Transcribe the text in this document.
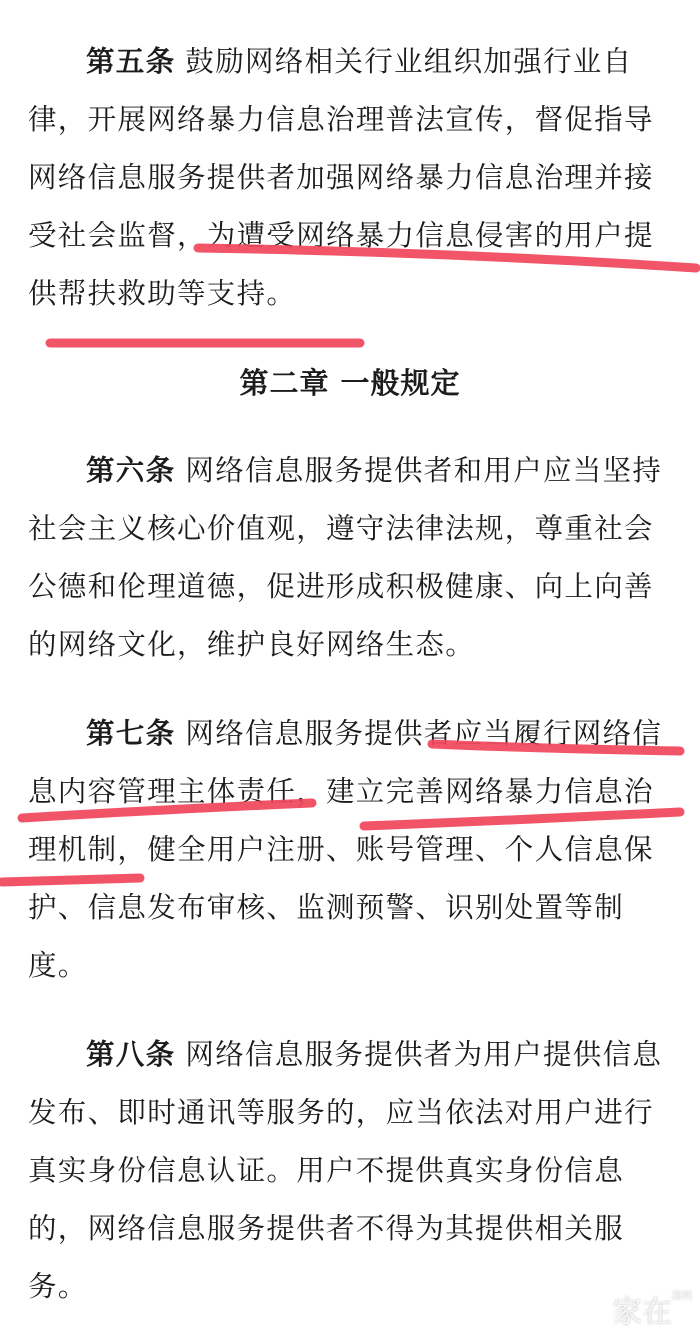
第五条 鼓励网络相关行业组织加强行业自
律，开展网络暴力信息治理普法宣传，督促指导
网络信息服务提供者加强网络暴力信息治理并接
受社会监督，为遭受网络暴力信息侵害的用户提
供帮扶救助等支持。
第二章 一般规定
第六条 网络信息服务提供者和用户应当坚持
社会主义核心价值观，遵守法律法规，尊重社会
公德和伦理道德，促进形成积极健康、向上向善
的网络文化，维护良好网络生态。
第七条 网络信息服务提供者应当履行网络信
息内容管理主体责任，建立完善网络暴力信息治
理机制，健全用户注册、账号管理、个人信息保
护、信息发布审核、监测预警、识别处置等制
度。
第八条 网络信息服务提供者为用户提供信息
发布、即时通讯等服务的，应当依法对用户进行
真实身份信息认证。用户不提供真实身份信息
的，网络信息服务提供者不得为其提供相关服
务。
家在$^{深圳}$
